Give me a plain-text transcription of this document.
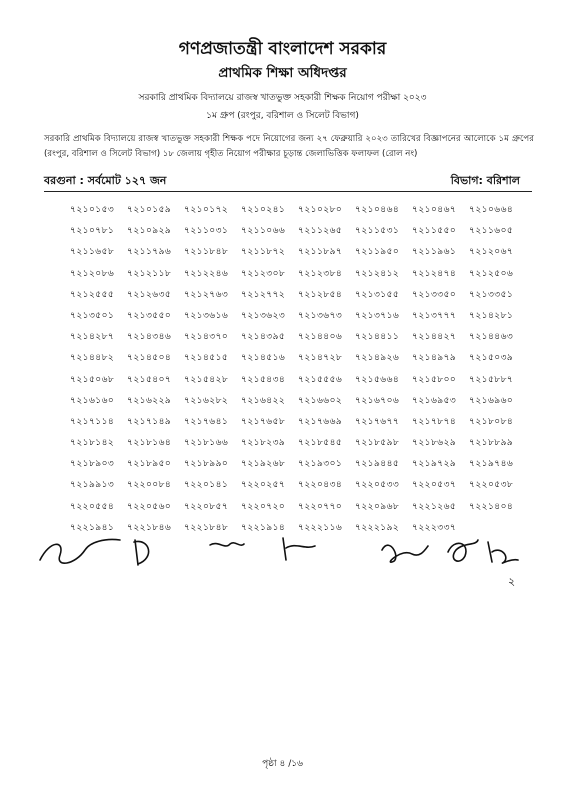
গণপ্রজাতন্ত্রী বাংলাদেশ সরকার
প্রাথমিক শিক্ষা অধিদপ্তর
সরকারি প্রাথমিক বিদ্যালয়ে রাজস্ব খাতভুক্ত সহকারী শিক্ষক নিয়োগ পরীক্ষা ২০২৩
১ম গ্রুপ (রংপুর, বরিশাল ও সিলেট বিভাগ)
সরকারি প্রাথমিক বিদ্যালয়ে রাজস্ব খাতভুক্ত সহকারী শিক্ষক পদে নিয়োগের জন্য ২৭ ফেব্রুয়ারি ২০২৩ তারিখের বিজ্ঞাপনের আলোকে ১ম গ্রুপের (রংপুর, বরিশাল ও সিলেট বিভাগ) ১৮ জেলায় গৃহীত নিয়োগ পরীক্ষার চূড়ান্ত জেলাভিত্তিক ফলাফল (রোল নং)
বরগুনা : সর্বমোট ১২৭ জন	বিভাগ: বরিশাল
৭২১০১৫৩	৭২১০১৫৯	৭২১০১৭২	৭২১০২৪১	৭২১০২৮০	৭২১০৪৬৪	৭২১০৪৬৭	৭২১০৬৬৪
৭২১০৭৮১	৭২১০৯২৯	৭২১১০৩১	৭২১১০৬৬	৭২১১২৬৫	৭২১১৫৩১	৭২১১৫৫০	৭২১১৬০৫
৭২১১৬৫৮	৭২১১৭৯৬	৭২১১৮৪৮	৭২১১৮৭২	৭২১১৮৯৭	৭২১১৯৫০	৭২১১৯৬১	৭২১২০৬৭
৭২১২০৮৬	৭২১২১১৮	৭২১২২৪৬	৭২১২৩০৮	৭২১২৩৮৪	৭২১২৪১২	৭২১২৪৭৪	৭২১২৫০৬
৭২১২৫৫৫	৭২১২৬৩৫	৭২১২৭৬৩	৭২১২৭৭২	৭২১২৮৫৪	৭২১৩১৫৫	৭২১৩৩৫০	৭২১৩৩৫১
৭২১৩৫০১	৭২১৩৫৫০	৭২১৩৬১৬	৭২১৩৬২৩	৭২১৩৬৭৩	৭২১৩৭১৬	৭২১৩৭৭৭	৭২১৪২৮১
৭২১৪২৮৭	৭২১৪৩৪৬	৭২১৪৩৭০	৭২১৪৩৯৫	৭২১৪৪০৬	৭২১৪৪১১	৭২১৪৪২৭	৭২১৪৪৬৩
৭২১৪৪৮২	৭২১৪৫০৪	৭২১৪৫১৫	৭২১৪৫১৬	৭২১৪৭২৮	৭২১৪৯২৬	৭২১৪৯৭৯	৭২১৫০৩৯
৭২১৫০৬৮	৭২১৫৪০৭	৭২১৫৪২৮	৭২১৫৪৩৪	৭২১৫৫৫৬	৭২১৫৬৬৪	৭২১৫৮০০	৭২১৫৮৮৭
৭২১৬১৬০	৭২১৬২২৯	৭২১৬২৮২	৭২১৬৪২২	৭২১৬৬০২	৭২১৬৭০৬	৭২১৬৯৫৩	৭২১৬৯৬০
৭২১৭১১৪	৭২১৭১৪৯	৭২১৭৬৪১	৭২১৭৬৫৮	৭২১৭৬৬৯	৭২১৭৬৭৭	৭২১৭৮৭৪	৭২১৮০৮৪
৭২১৮১৪২	৭২১৮১৬৪	৭২১৮১৬৬	৭২১৮২৩৯	৭২১৮৫৪৫	৭২১৮৫৯৮	৭২১৮৬২৯	৭২১৮৮৯৯
৭২১৮৯০৩	৭২১৮৯৫০	৭২১৮৯৯০	৭২১৯২৬৮	৭২১৯৩০১	৭২১৯৪৪৫	৭২১৯৭২৯	৭২১৯৭৪৬
৭২১৯৯১৩	৭২২০০৮৪	৭২২০১৪১	৭২২০২৫৭	৭২২০৪৩৪	৭২২০৫৩৩	৭২২০৫৩৭	৭২২০৫৩৮
৭২২০৫৫৪	৭২২০৫৬০	৭২২০৮৫৭	৭২২০৭২০	৭২২০৭৭০	৭২২০৯৬৮	৭২২১২৬৫	৭২২১৪০৪
৭২২১৯৪১	৭২২১৮৪৬	৭২২১৮৪৮	৭২২১৯১৪	৭২২২১১৬	৭২২২১৯২	৭২২২৩৩৭
২
পৃষ্ঠা ৪ /১৬
